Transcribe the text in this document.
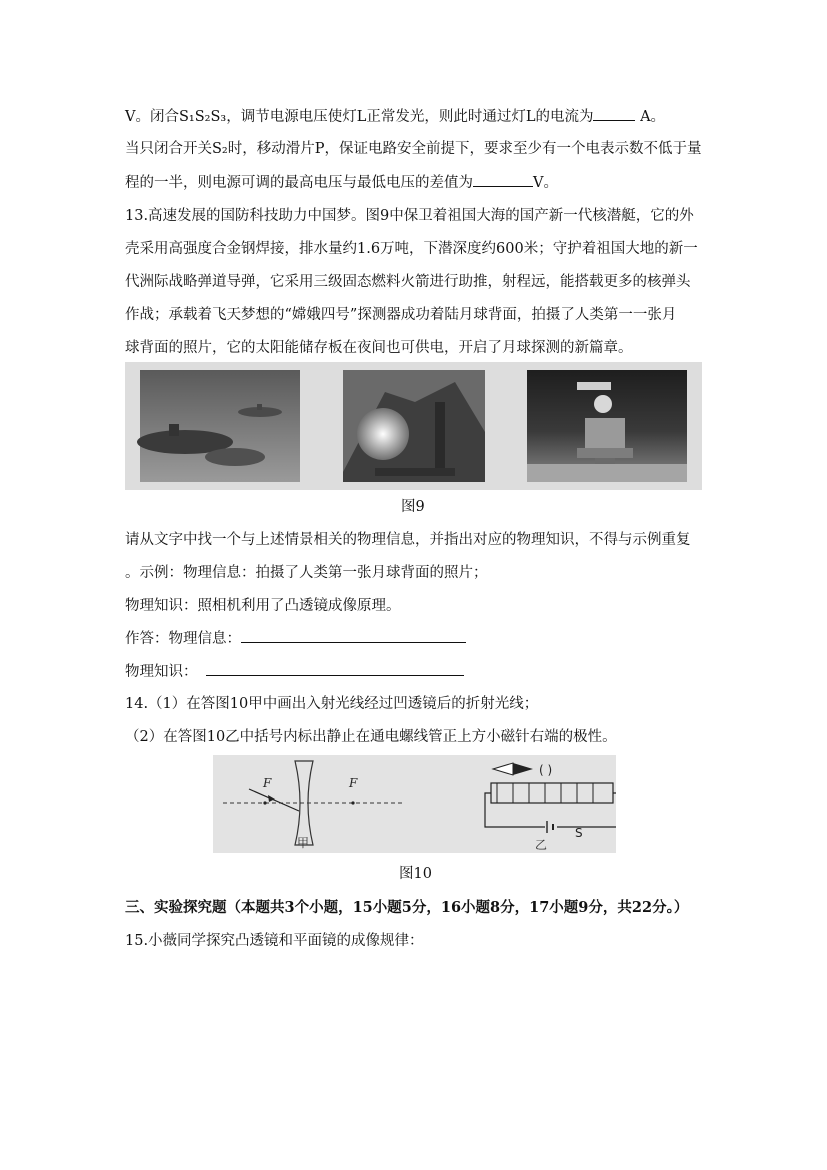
V。闭合S₁S₂S₃，调节电源电压使灯L正常发光，则此时通过灯L的电流为	A。
当只闭合开关S₂时，移动滑片P，保证电路安全前提下，要求至少有一个电表示数不低于量
程的一半，则电源可调的最高电压与最低电压的差值为	V。
13.高速发展的国防科技助力中国梦。图9中保卫着祖国大海的国产新一代核潜艇，它的外
壳采用高强度合金钢焊接，排水量约1.6万吨，下潜深度约600米；守护着祖国大地的新一
代洲际战略弹道导弹，它采用三级固态燃料火箭进行助推，射程远，能搭载更多的核弹头
作战；承载着飞天梦想的“嫦娥四号”探测器成功着陆月球背面，拍摄了人类第一一张月
球背面的照片，它的太阳能储存板在夜间也可供电，开启了月球探测的新篇章。
图9
请从文字中找一个与上述情景相关的物理信息，并指出对应的物理知识，不得与示例重复
。示例：物理信息：拍摄了人类第一张月球背面的照片；
物理知识：照相机利用了凸透镜成像原理。
作答：物理信息：
物理知识：
14.（1）在答图10甲中画出入射光线经过凹透镜后的折射光线；
（2）在答图10乙中括号内标出静止在通电螺线管正上方小磁针右端的极性。
F	F
甲
( )
S
乙
图10
三、实验探究题（本题共3个小题，15小题5分，16小题8分，17小题9分，共22分。）
15.小薇同学探究凸透镜和平面镜的成像规律：
